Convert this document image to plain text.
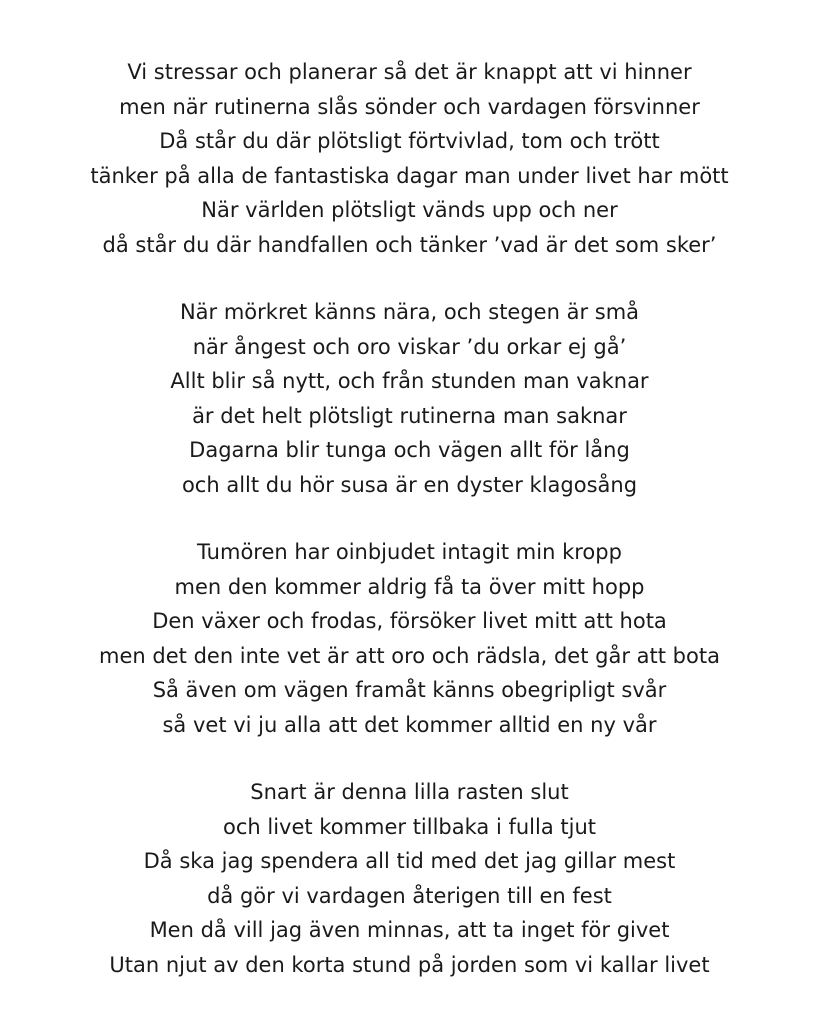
Vi stressar och planerar så det är knappt att vi hinner
men när rutinerna slås sönder och vardagen försvinner
Då står du där plötsligt förtvivlad, tom och trött
tänker på alla de fantastiska dagar man under livet har mött
När världen plötsligt vänds upp och ner
då står du där handfallen och tänker ’vad är det som sker’
När mörkret känns nära, och stegen är små
när ångest och oro viskar ’du orkar ej gå’
Allt blir så nytt, och från stunden man vaknar
är det helt plötsligt rutinerna man saknar
Dagarna blir tunga och vägen allt för lång
och allt du hör susa är en dyster klagosång
Tumören har oinbjudet intagit min kropp
men den kommer aldrig få ta över mitt hopp
Den växer och frodas, försöker livet mitt att hota
men det den inte vet är att oro och rädsla, det går att bota
Så även om vägen framåt känns obegripligt svår
så vet vi ju alla att det kommer alltid en ny vår
Snart är denna lilla rasten slut
och livet kommer tillbaka i fulla tjut
Då ska jag spendera all tid med det jag gillar mest
då gör vi vardagen återigen till en fest
Men då vill jag även minnas, att ta inget för givet
Utan njut av den korta stund på jorden som vi kallar livet
